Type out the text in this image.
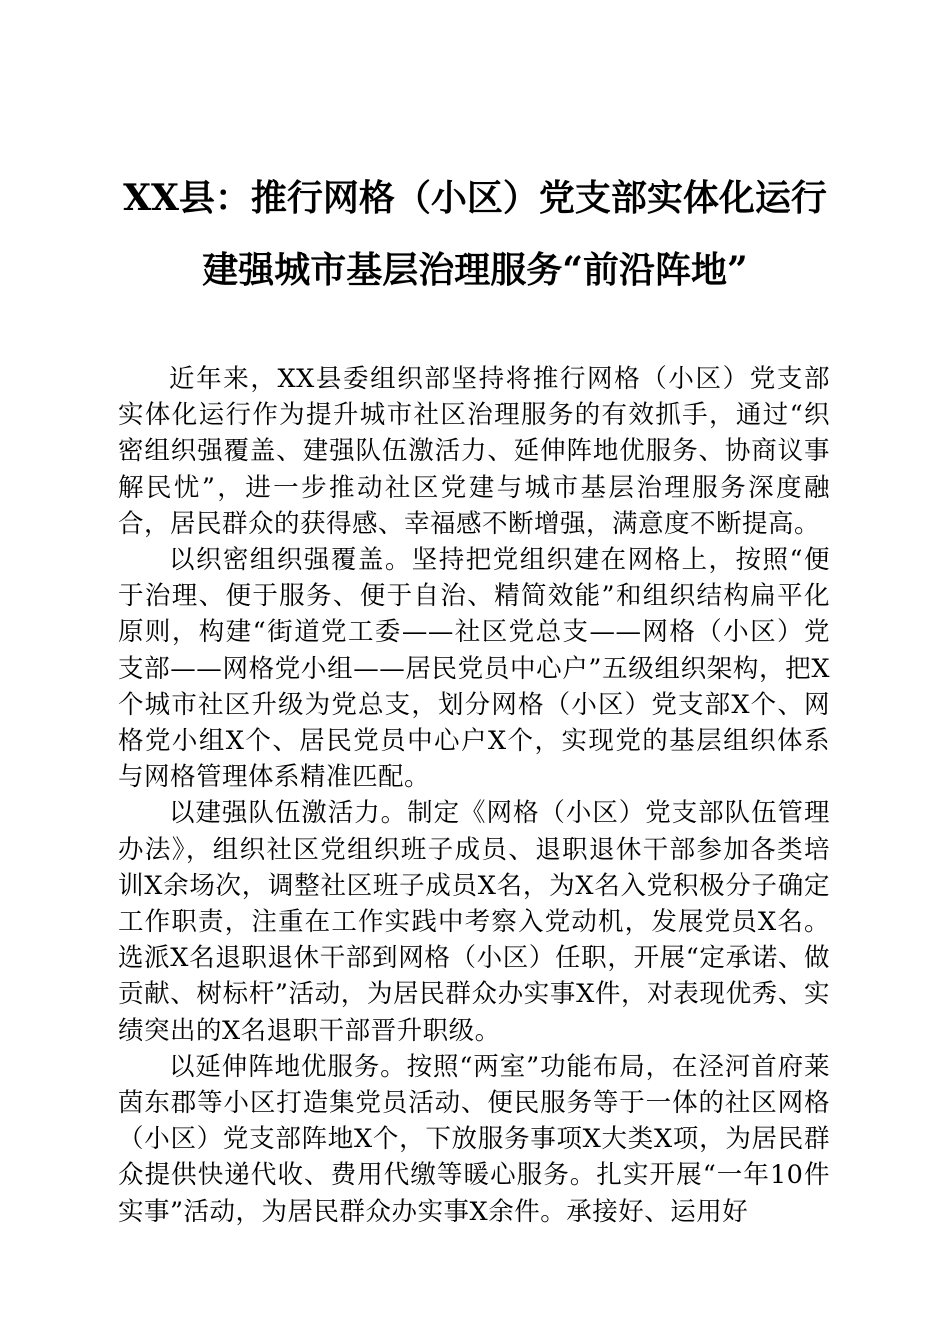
XX县：推行网格（小区）党支部实体化运行
建强城市基层治理服务“前沿阵地”

近年来，XX县委组织部坚持将推行网格（小区）党支部实体化运行作为提升城市社区治理服务的有效抓手，通过“织密组织强覆盖、建强队伍激活力、延伸阵地优服务、协商议事解民忧”，进一步推动社区党建与城市基层治理服务深度融合，居民群众的获得感、幸福感不断增强，满意度不断提高。

以织密组织强覆盖。坚持把党组织建在网格上，按照“便于治理、便于服务、便于自治、精简效能”和组织结构扁平化原则，构建“街道党工委——社区党总支——网格（小区）党支部——网格党小组——居民党员中心户”五级组织架构，把X个城市社区升级为党总支，划分网格（小区）党支部X个、网格党小组X个、居民党员中心户X个，实现党的基层组织体系与网格管理体系精准匹配。

以建强队伍激活力。制定《网格（小区）党支部队伍管理办法》，组织社区党组织班子成员、退职退休干部参加各类培训X余场次，调整社区班子成员X名，为X名入党积极分子确定工作职责，注重在工作实践中考察入党动机，发展党员X名。选派X名退职退休干部到网格（小区）任职，开展“定承诺、做贡献、树标杆”活动，为居民群众办实事X件，对表现优秀、实绩突出的X名退职干部晋升职级。

以延伸阵地优服务。按照“两室”功能布局，在泾河首府莱茵东郡等小区打造集党员活动、便民服务等于一体的社区网格（小区）党支部阵地X个，下放服务事项X大类X项，为居民群众提供快递代收、费用代缴等暖心服务。扎实开展“一年10件实事”活动，为居民群众办实事X余件。承接好、运用好
